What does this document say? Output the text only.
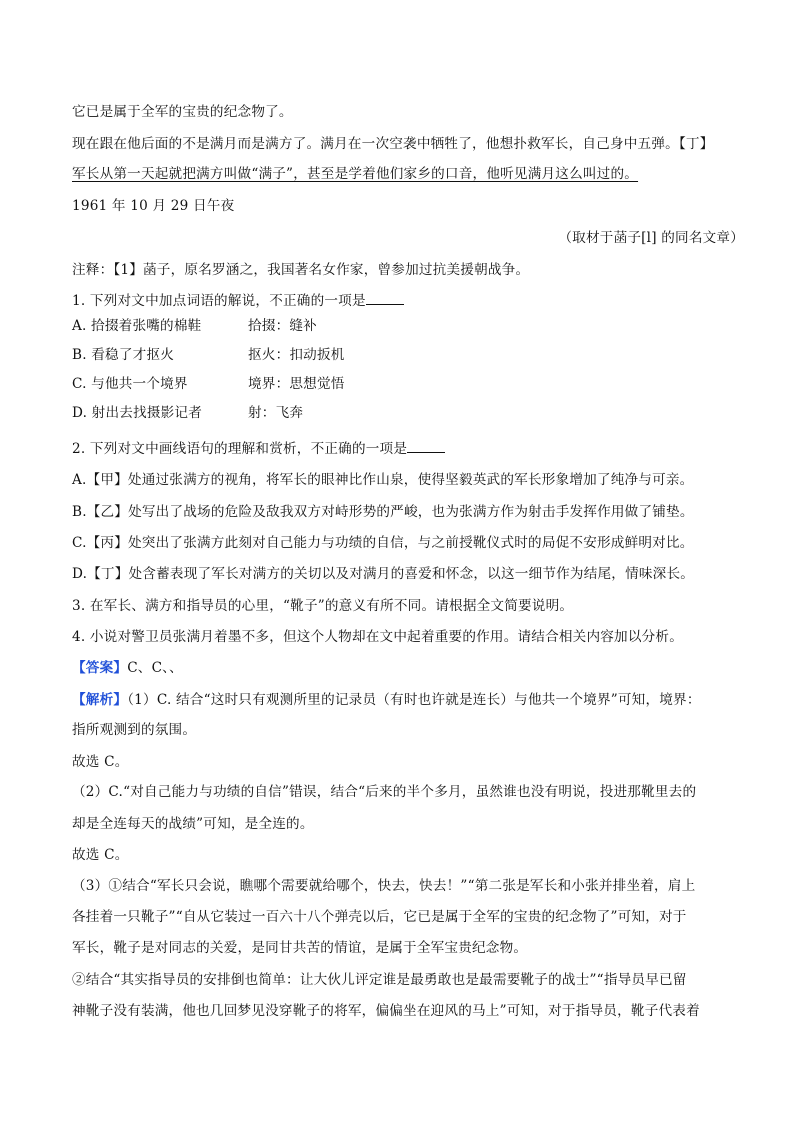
它已是属于全军的宝贵的纪念物了。
现在跟在他后面的不是满月而是满方了。满月在一次空袭中牺牲了，他想扑救军长，自己身中五弹。【丁】
军长从第一天起就把满方叫做“满子”，甚至是学着他们家乡的口音，他听见满月这么叫过的。
1961 年 10 月 29 日午夜
（取材于菡子[l] 的同名文章）
注释：【1】菡子，原名罗涵之，我国著名女作家，曾参加过抗美援朝战争。
1. 下列对文中加点词语的解说，不正确的一项是
A. 拾掇着张嘴的棉鞋	拾掇：缝补
B. 看稳了才抠火	抠火：扣动扳机
C. 与他共一个境界	境界：思想觉悟
D. 射出去找摄影记者	射：飞奔
2. 下列对文中画线语句的理解和赏析，不正确的一项是
A.【甲】处通过张满方的视角，将军长的眼神比作山泉，使得坚毅英武的军长形象增加了纯净与可亲。
B.【乙】处写出了战场的危险及敌我双方对峙形势的严峻，也为张满方作为射击手发挥作用做了铺垫。
C.【丙】处突出了张满方此刻对自己能力与功绩的自信，与之前授靴仪式时的局促不安形成鲜明对比。
D.【丁】处含蓄表现了军长对满方的关切以及对满月的喜爱和怀念，以这一细节作为结尾，情味深长。
3. 在军长、满方和指导员的心里，“靴子”的意义有所不同。请根据全文简要说明。
4. 小说对警卫员张满月着墨不多，但这个人物却在文中起着重要的作用。请结合相关内容加以分析。
【答案】C、C、、
【解析】（1）C. 结合“这时只有观测所里的记录员（有时也许就是连长）与他共一个境界”可知，境界：
指所观测到的氛围。
故选 C。
（2）C.“对自己能力与功绩的自信”错误，结合“后来的半个多月，虽然谁也没有明说，投进那靴里去的
却是全连每天的战绩”可知，是全连的。
故选 C。
（3）①结合“军长只会说，瞧哪个需要就给哪个，快去，快去！”“第二张是军长和小张并排坐着，肩上
各挂着一只靴子”“自从它装过一百六十八个弹壳以后，它已是属于全军的宝贵的纪念物了”可知，对于
军长，靴子是对同志的关爱，是同甘共苦的情谊，是属于全军宝贵纪念物。
②结合“其实指导员的安排倒也简单：让大伙儿评定谁是最勇敢也是最需要靴子的战士”“指导员早已留
神靴子没有装满，他也几回梦见没穿靴子的将军，偏偏坐在迎风的马上”可知，对于指导员，靴子代表着
